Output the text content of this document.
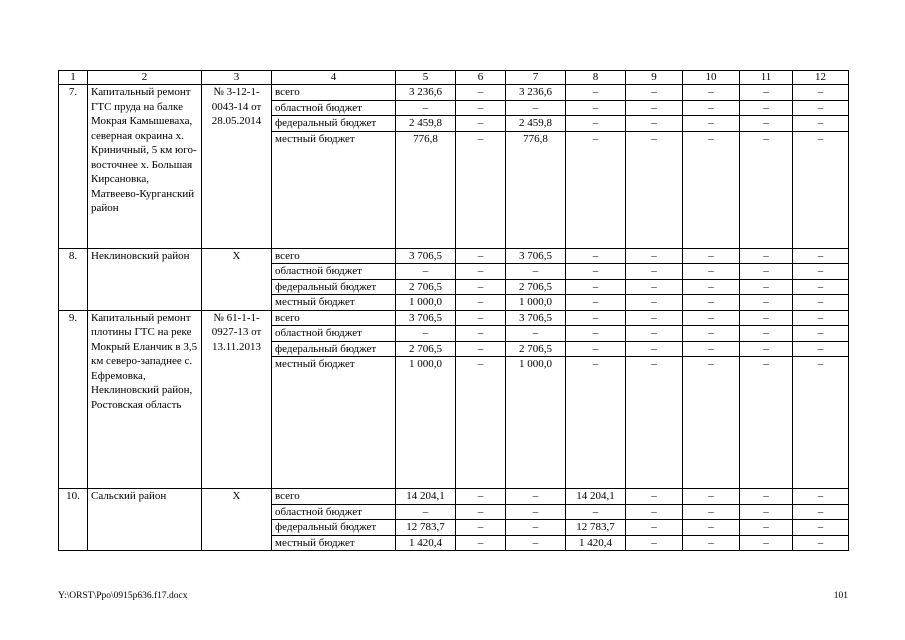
1	2	3	4	5	6	7	8	9	10	11	12
7.	Капитальный ремонт ГТС пруда на балке Мокрая Камышеваха, северная окраина х. Криничный, 5 км юго-восточнее х. Большая Кирсановка, Матвеево-Курганский район	№ 3-12-1-0043-14 от 28.05.2014	всего	3 236,6	–	3 236,6	–	–	–	–	–
			областной бюджет	–	–	–	–	–	–	–	–
			федеральный бюджет	2 459,8	–	2 459,8	–	–	–	–	–
			местный бюджет	776,8	–	776,8	–	–	–	–	–
8.	Неклиновский район	Х	всего	3 706,5	–	3 706,5	–	–	–	–	–
			областной бюджет	–	–	–	–	–	–	–	–
			федеральный бюджет	2 706,5	–	2 706,5	–	–	–	–	–
			местный бюджет	1 000,0	–	1 000,0	–	–	–	–	–
9.	Капитальный ремонт плотины ГТС на реке Мокрый Еланчик в 3,5 км северо-западнее с. Ефремовка, Неклиновский район, Ростовская область	№ 61-1-1-0927-13 от 13.11.2013	всего	3 706,5	–	3 706,5	–	–	–	–	–
			областной бюджет	–	–	–	–	–	–	–	–
			федеральный бюджет	2 706,5	–	2 706,5	–	–	–	–	–
			местный бюджет	1 000,0	–	1 000,0	–	–	–	–	–
10.	Сальский район	Х	всего	14 204,1	–	–	14 204,1	–	–	–	–
			областной бюджет	–	–	–	–	–	–	–	–
			федеральный бюджет	12 783,7	–	–	12 783,7	–	–	–	–
			местный бюджет	1 420,4	–	–	1 420,4	–	–	–	–
Y:\ORST\Ppo\0915p636.f17.docx	101
